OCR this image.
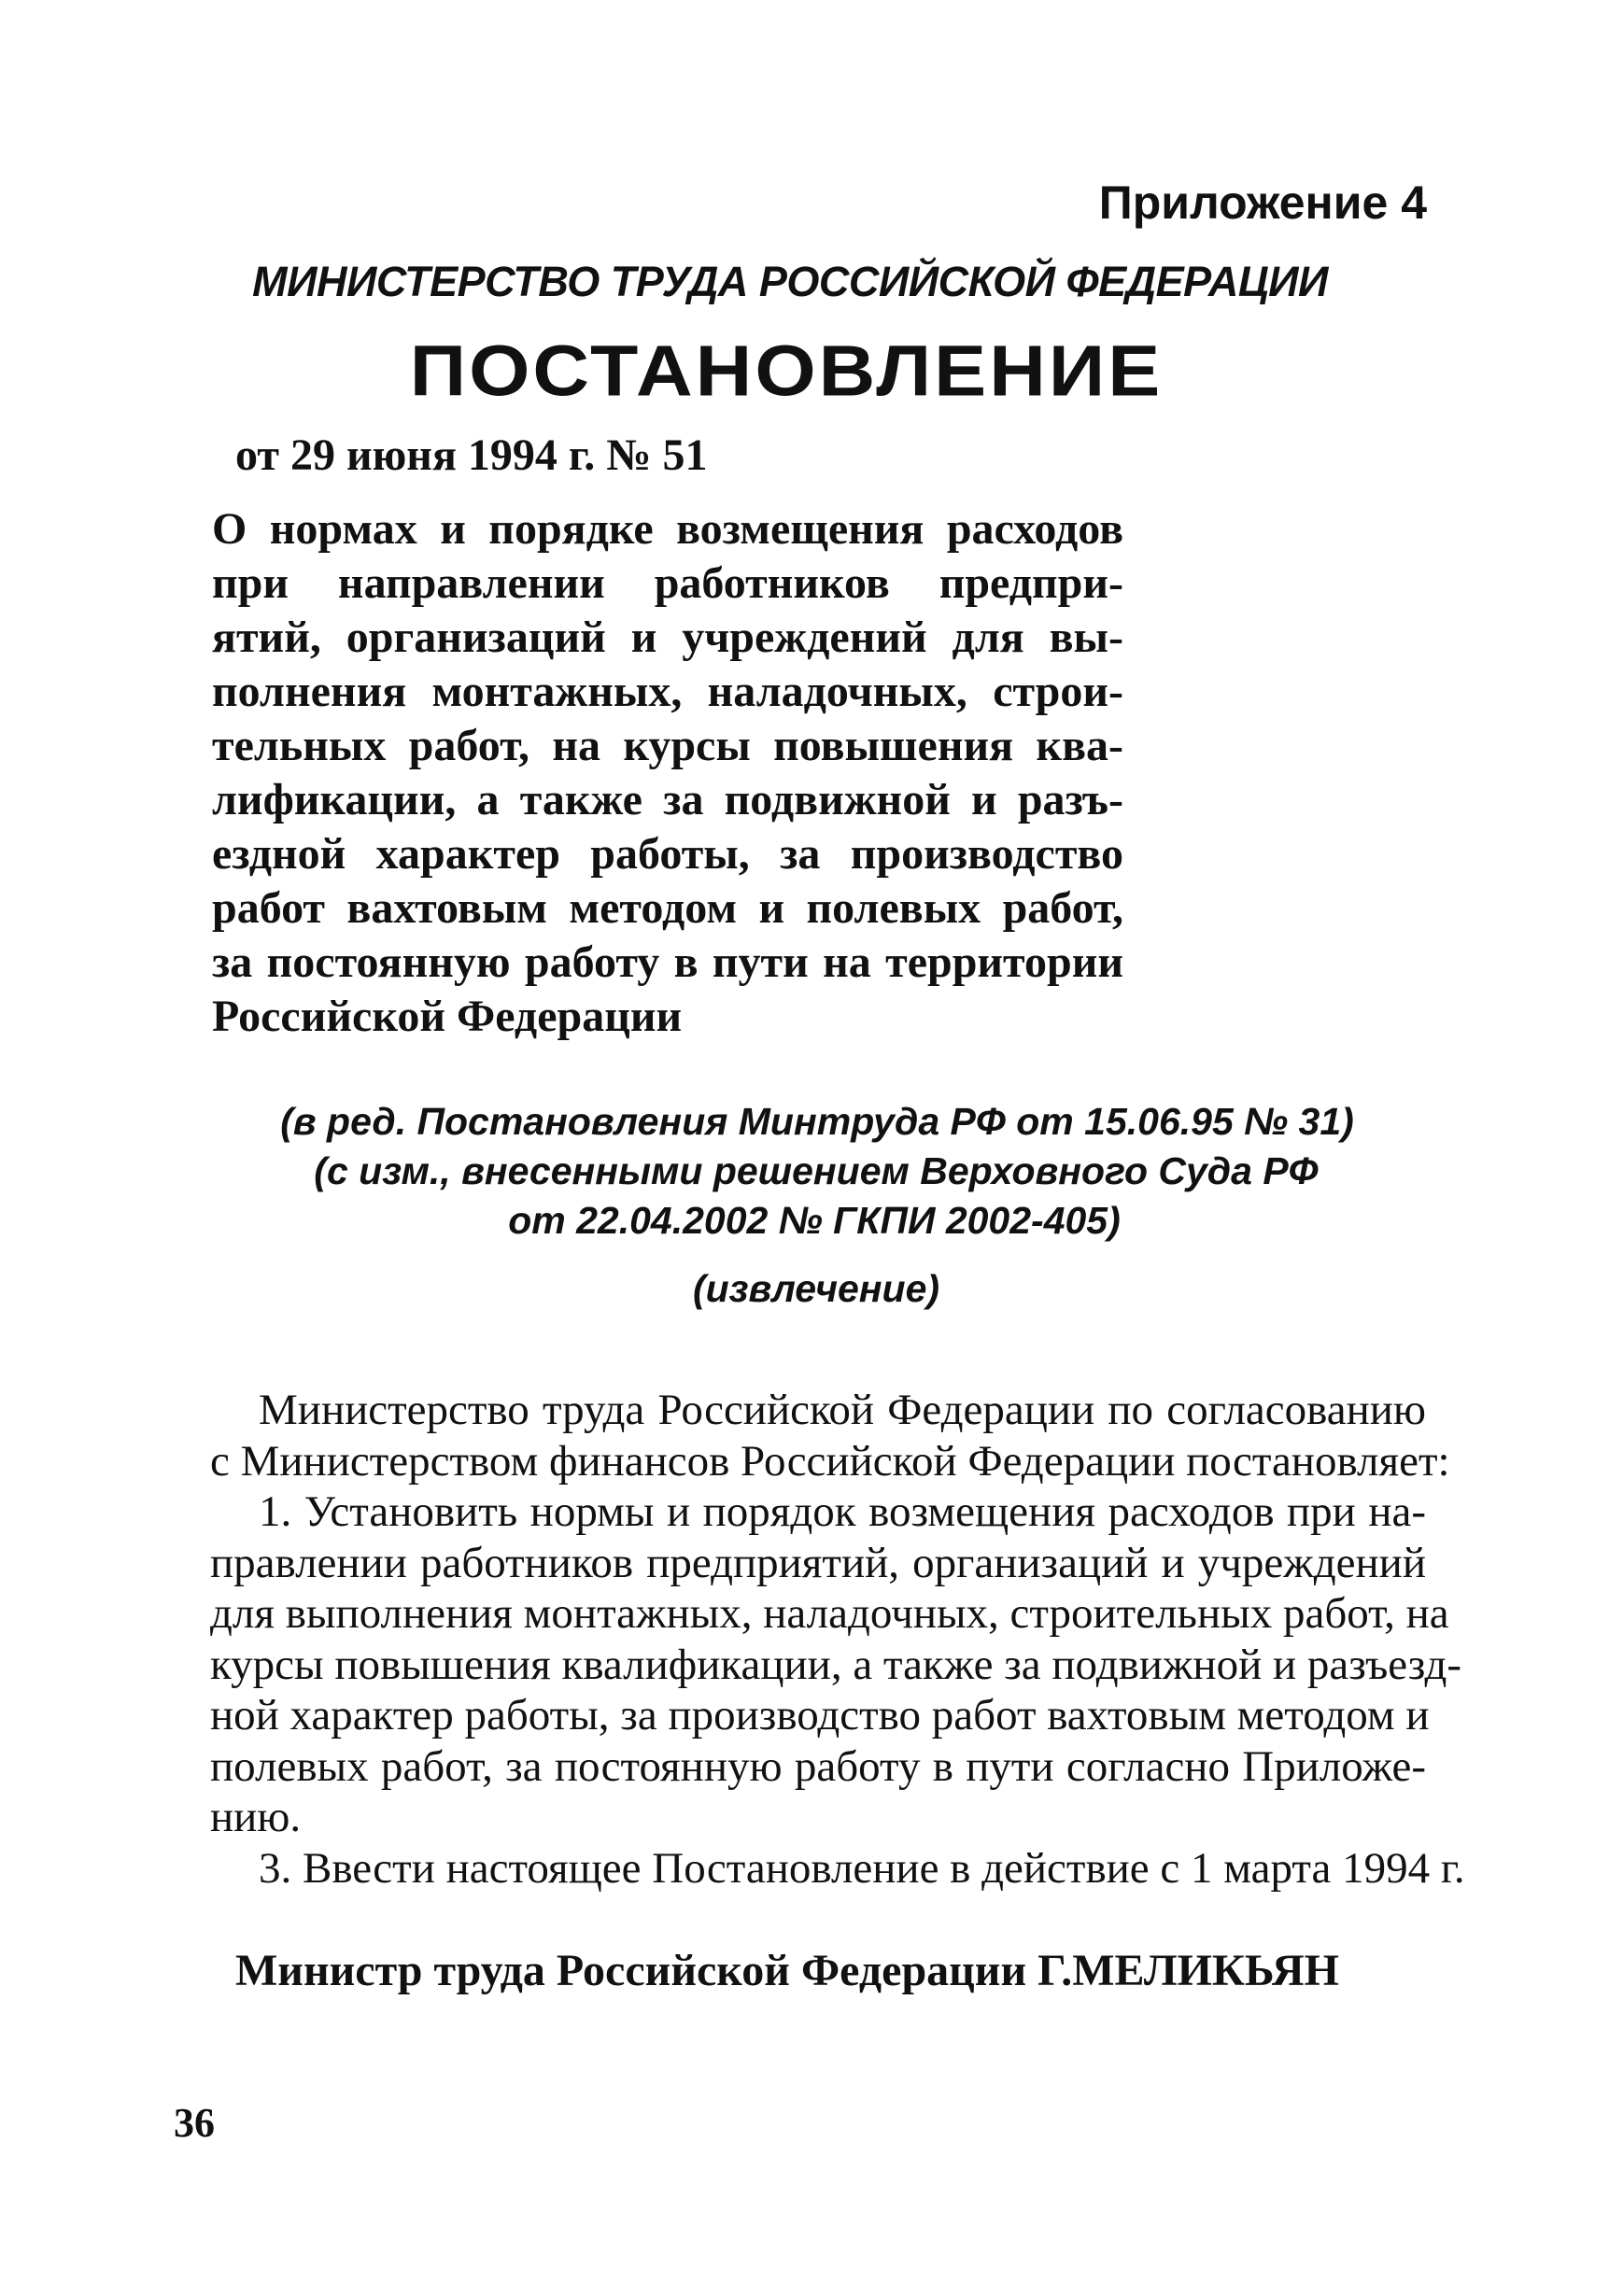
Приложение 4
МИНИСТЕРСТВО ТРУДА РОССИЙСКОЙ ФЕДЕРАЦИИ
ПОСТАНОВЛЕНИЕ
от 29 июня 1994 г. № 51
О нормах и порядке возмещения расходов
при направлении работников предпри-
ятий, организаций и учреждений для вы-
полнения монтажных, наладочных, строи-
тельных работ, на курсы повышения ква-
лификации, а также за подвижной и разъ-
ездной характер работы, за производство
работ вахтовым методом и полевых работ,
за постоянную работу в пути на территории
Российской Федерации
(в ред. Постановления Минтруда РФ от 15.06.95 № 31)
(с изм., внесенными решением Верховного Суда РФ
от 22.04.2002 № ГКПИ 2002-405)
(извлечение)
Министерство труда Российской Федерации по согласованию
с Министерством финансов Российской Федерации постановляет:
1. Установить нормы и порядок возмещения расходов при на-
правлении работников предприятий, организаций и учреждений
для выполнения монтажных, наладочных, строительных работ, на
курсы повышения квалификации, а также за подвижной и разъезд-
ной характер работы, за производство работ вахтовым методом и
полевых работ, за постоянную работу в пути согласно Приложе-
нию.
3. Ввести настоящее Постановление в действие с 1 марта 1994 г.
Министр труда Российской Федерации Г.МЕЛИКЬЯН
36
